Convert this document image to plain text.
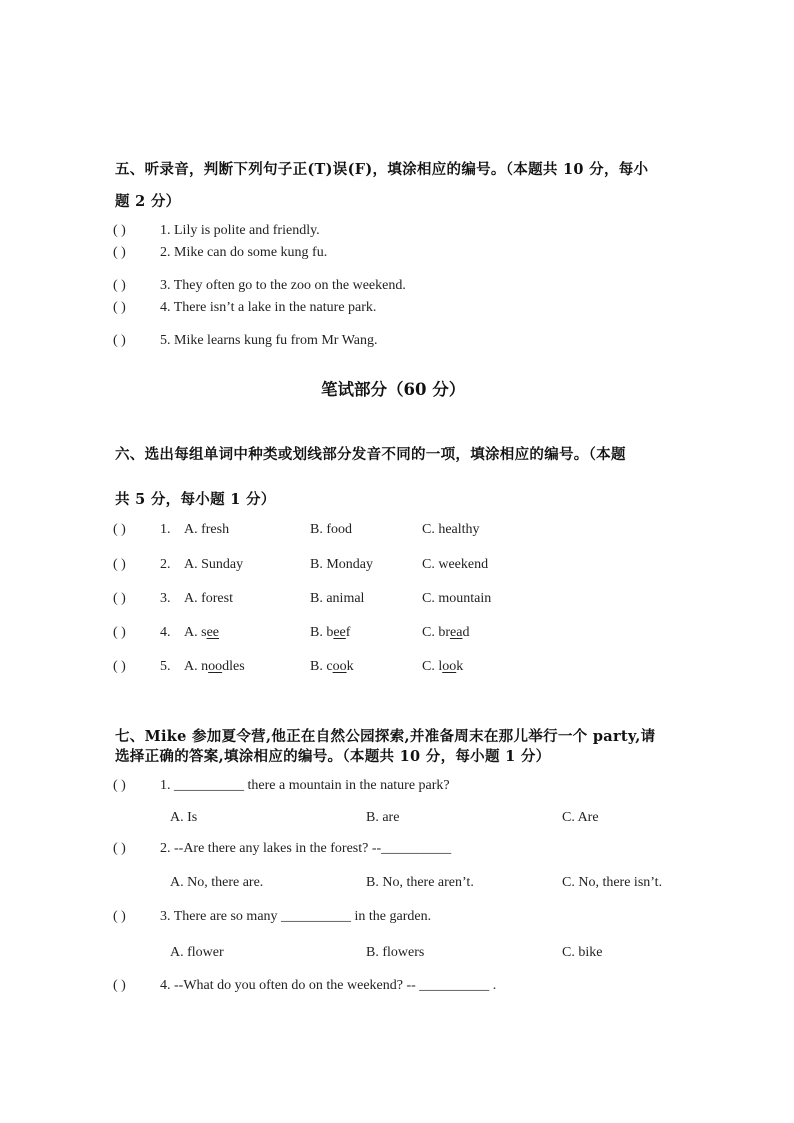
五、听录音，判断下列句子正(T)误(F)，填涂相应的编号。（本题共 10 分，每小
题 2 分）
( ) 1. Lily is polite and friendly.
( ) 2. Mike can do some kung fu.
( ) 3. They often go to the zoo on the weekend.
( ) 4. There isn’t a lake in the nature park.
( ) 5. Mike learns kung fu from Mr Wang.
笔试部分（60 分）
六、选出每组单词中种类或划线部分发音不同的一项，填涂相应的编号。（本题
共 5 分，每小题 1 分）
( ) 1. A. fresh	B. food	C. healthy
( ) 2. A. Sunday	B. Monday	C. weekend
( ) 3. A. forest	B. animal	C. mountain
( ) 4. A. see	B. beef	C. bread
( ) 5. A. noodles	B. cook	C. look
七、Mike 参加夏令营,他正在自然公园探索,并准备周末在那儿举行一个 party,请
选择正确的答案,填涂相应的编号。（本题共 10 分，每小题 1 分）
( ) 1. __________ there a mountain in the nature park?
A. Is	B. are	C. Are
( ) 2. --Are there any lakes in the forest? --__________
A. No, there are.	B. No, there aren’t.	C. No, there isn’t.
( ) 3. There are so many __________ in the garden.
A. flower	B. flowers	C. bike
( ) 4. --What do you often do on the weekend? -- __________ .
